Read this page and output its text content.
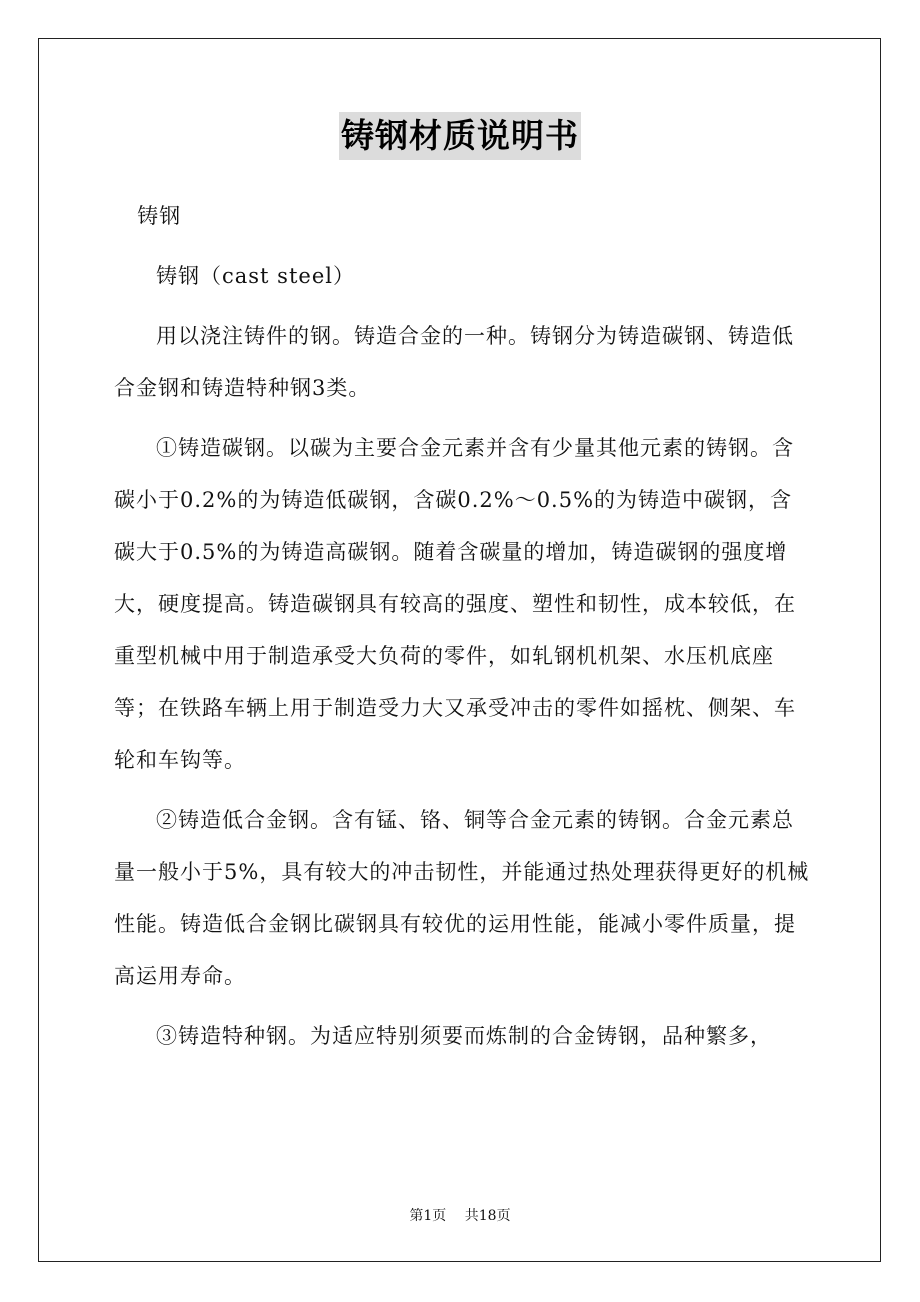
铸钢材质说明书

铸钢

铸钢（cast steel）

用以浇注铸件的钢。铸造合金的一种。铸钢分为铸造碳钢、铸造低合金钢和铸造特种钢3类。

①铸造碳钢。以碳为主要合金元素并含有少量其他元素的铸钢。含碳小于0.2%的为铸造低碳钢，含碳0.2%～0.5%的为铸造中碳钢，含碳大于0.5%的为铸造高碳钢。随着含碳量的增加，铸造碳钢的强度增大，硬度提高。铸造碳钢具有较高的强度、塑性和韧性，成本较低，在重型机械中用于制造承受大负荷的零件，如轧钢机机架、水压机底座等；在铁路车辆上用于制造受力大又承受冲击的零件如摇枕、侧架、车轮和车钩等。

②铸造低合金钢。含有锰、铬、铜等合金元素的铸钢。合金元素总量一般小于5%，具有较大的冲击韧性，并能通过热处理获得更好的机械性能。铸造低合金钢比碳钢具有较优的运用性能，能减小零件质量，提高运用寿命。

③铸造特种钢。为适应特别须要而炼制的合金铸钢，品种繁多，

第1页 共18页
